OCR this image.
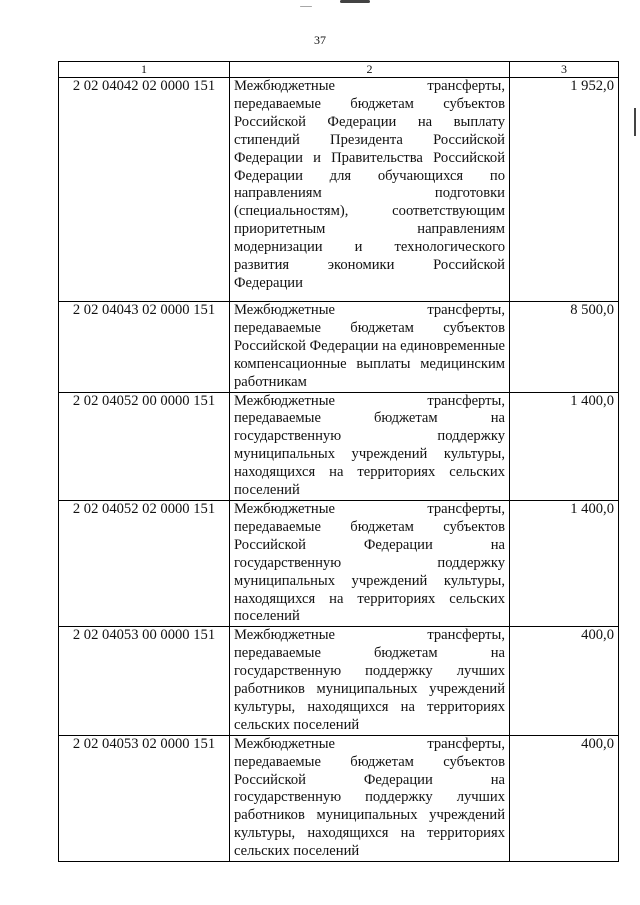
37
1	2	3
2 02 04042 02 0000 151	Межбюджетные трансферты, передаваемые бюджетам субъектов Российской Федерации на выплату стипендий Президента Российской Федерации и Правительства Российской Федерации для обучающихся по направлениям подготовки (специальностям), соответствующим приоритетным направлениям модернизации и технологического развития экономики Российской Федерации	1 952,0
2 02 04043 02 0000 151	Межбюджетные трансферты, передаваемые бюджетам субъектов Российской Федерации на единовременные компенсационные выплаты медицинским работникам	8 500,0
2 02 04052 00 0000 151	Межбюджетные трансферты, передаваемые бюджетам на государственную поддержку муниципальных учреждений культуры, находящихся на территориях сельских поселений	1 400,0
2 02 04052 02 0000 151	Межбюджетные трансферты, передаваемые бюджетам субъектов Российской Федерации на государственную поддержку муниципальных учреждений культуры, находящихся на территориях сельских поселений	1 400,0
2 02 04053 00 0000 151	Межбюджетные трансферты, передаваемые бюджетам на государственную поддержку лучших работников муниципальных учреждений культуры, находящихся на территориях сельских поселений	400,0
2 02 04053 02 0000 151	Межбюджетные трансферты, передаваемые бюджетам субъектов Российской Федерации на государственную поддержку лучших работников муниципальных учреждений культуры, находящихся на территориях сельских поселений	400,0
